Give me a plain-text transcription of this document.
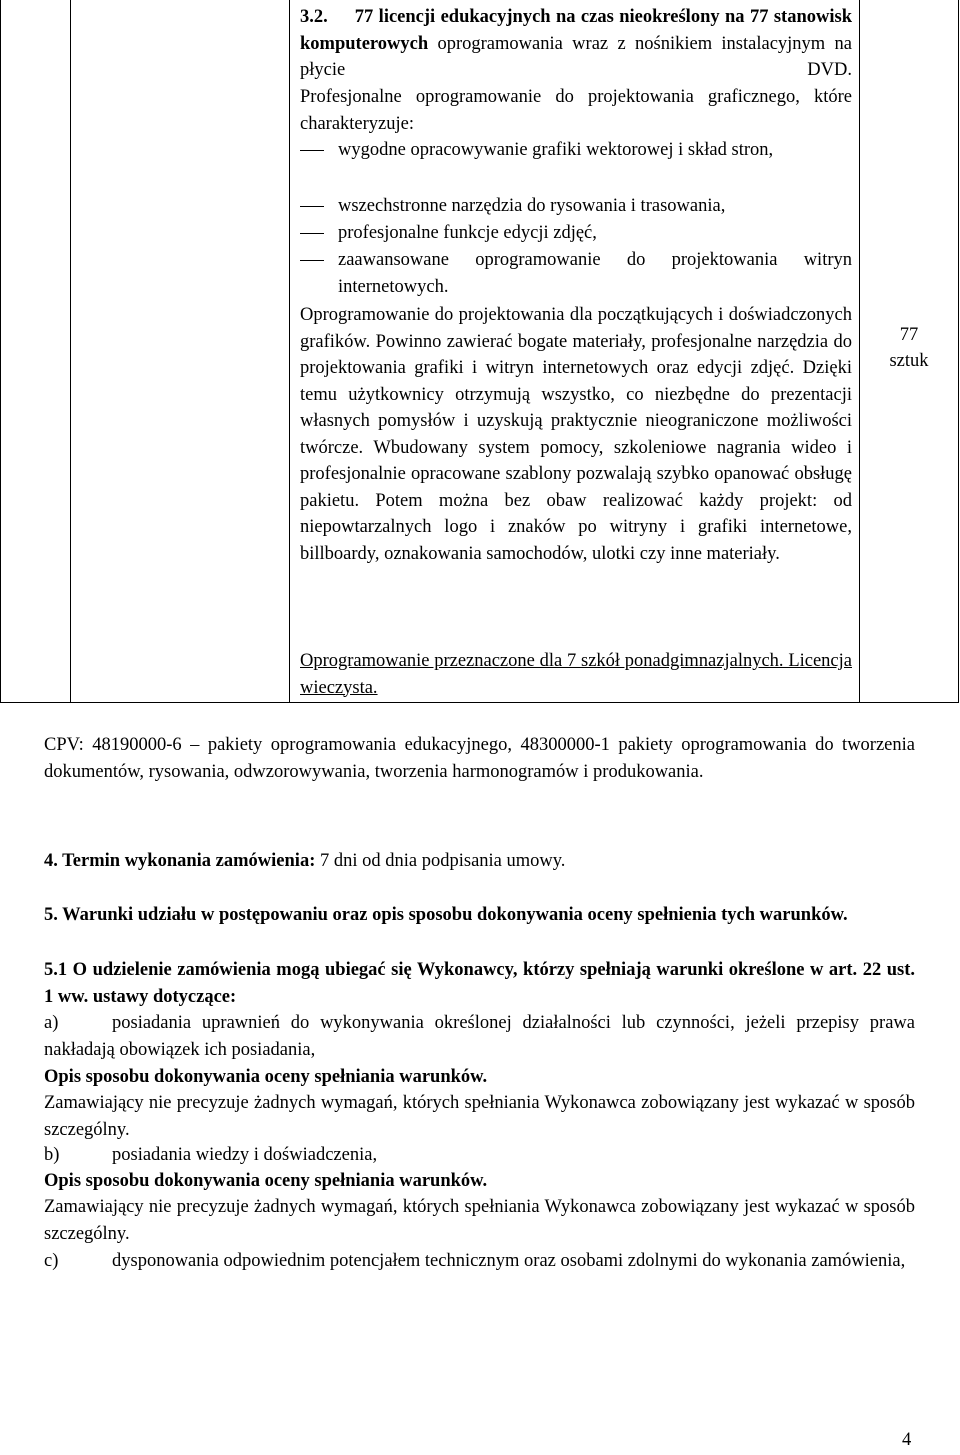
3.2. 77 licencji edukacyjnych na czas nieokreślony na 77 stanowisk komputerowych oprogramowania wraz z nośnikiem instalacyjnym na płycie DVD.
Profesjonalne oprogramowanie do projektowania graficznego, które charakteryzuje:
wygodne opracowywanie grafiki wektorowej i skład stron,
wszechstronne narzędzia do rysowania i trasowania,
profesjonalne funkcje edycji zdjęć,
zaawansowane oprogramowanie do projektowania witryn internetowych.
Oprogramowanie do projektowania dla początkujących i doświadczonych grafików. Powinno zawierać bogate materiały, profesjonalne narzędzia do projektowania grafiki i witryn internetowych oraz edycji zdjęć. Dzięki temu użytkownicy otrzymują wszystko, co niezbędne do prezentacji własnych pomysłów i uzyskują praktycznie nieograniczone możliwości twórcze. Wbudowany system pomocy, szkoleniowe nagrania wideo i profesjonalnie opracowane szablony pozwalają szybko opanować obsługę pakietu. Potem można bez obaw realizować każdy projekt: od niepowtarzalnych logo i znaków po witryny i grafiki internetowe, billboardy, oznakowania samochodów, ulotki czy inne materiały.
Oprogramowanie przeznaczone dla 7 szkół ponadgimnazjalnych. Licencja wieczysta.
77
sztuk
CPV: 48190000-6 – pakiety oprogramowania edukacyjnego, 48300000-1 pakiety oprogramowania do tworzenia dokumentów, rysowania, odwzorowywania, tworzenia harmonogramów i produkowania.
4. Termin wykonania zamówienia: 7 dni od dnia podpisania umowy.
5. Warunki udziału w postępowaniu oraz opis sposobu dokonywania oceny spełnienia tych warunków.
5.1 O udzielenie zamówienia mogą ubiegać się Wykonawcy, którzy spełniają warunki określone w art. 22 ust. 1 ww. ustawy dotyczące:
a)	posiadania uprawnień do wykonywania określonej działalności lub czynności, jeżeli przepisy prawa nakładają obowiązek ich posiadania,
Opis sposobu dokonywania oceny spełniania warunków.
Zamawiający nie precyzuje żadnych wymagań, których spełniania Wykonawca zobowiązany jest wykazać w sposób szczególny.
b)	posiadania wiedzy i doświadczenia,
Opis sposobu dokonywania oceny spełniania warunków.
Zamawiający nie precyzuje żadnych wymagań, których spełniania Wykonawca zobowiązany jest wykazać w sposób szczególny.
c)	dysponowania odpowiednim potencjałem technicznym oraz osobami zdolnymi do wykonania zamówienia,
4
